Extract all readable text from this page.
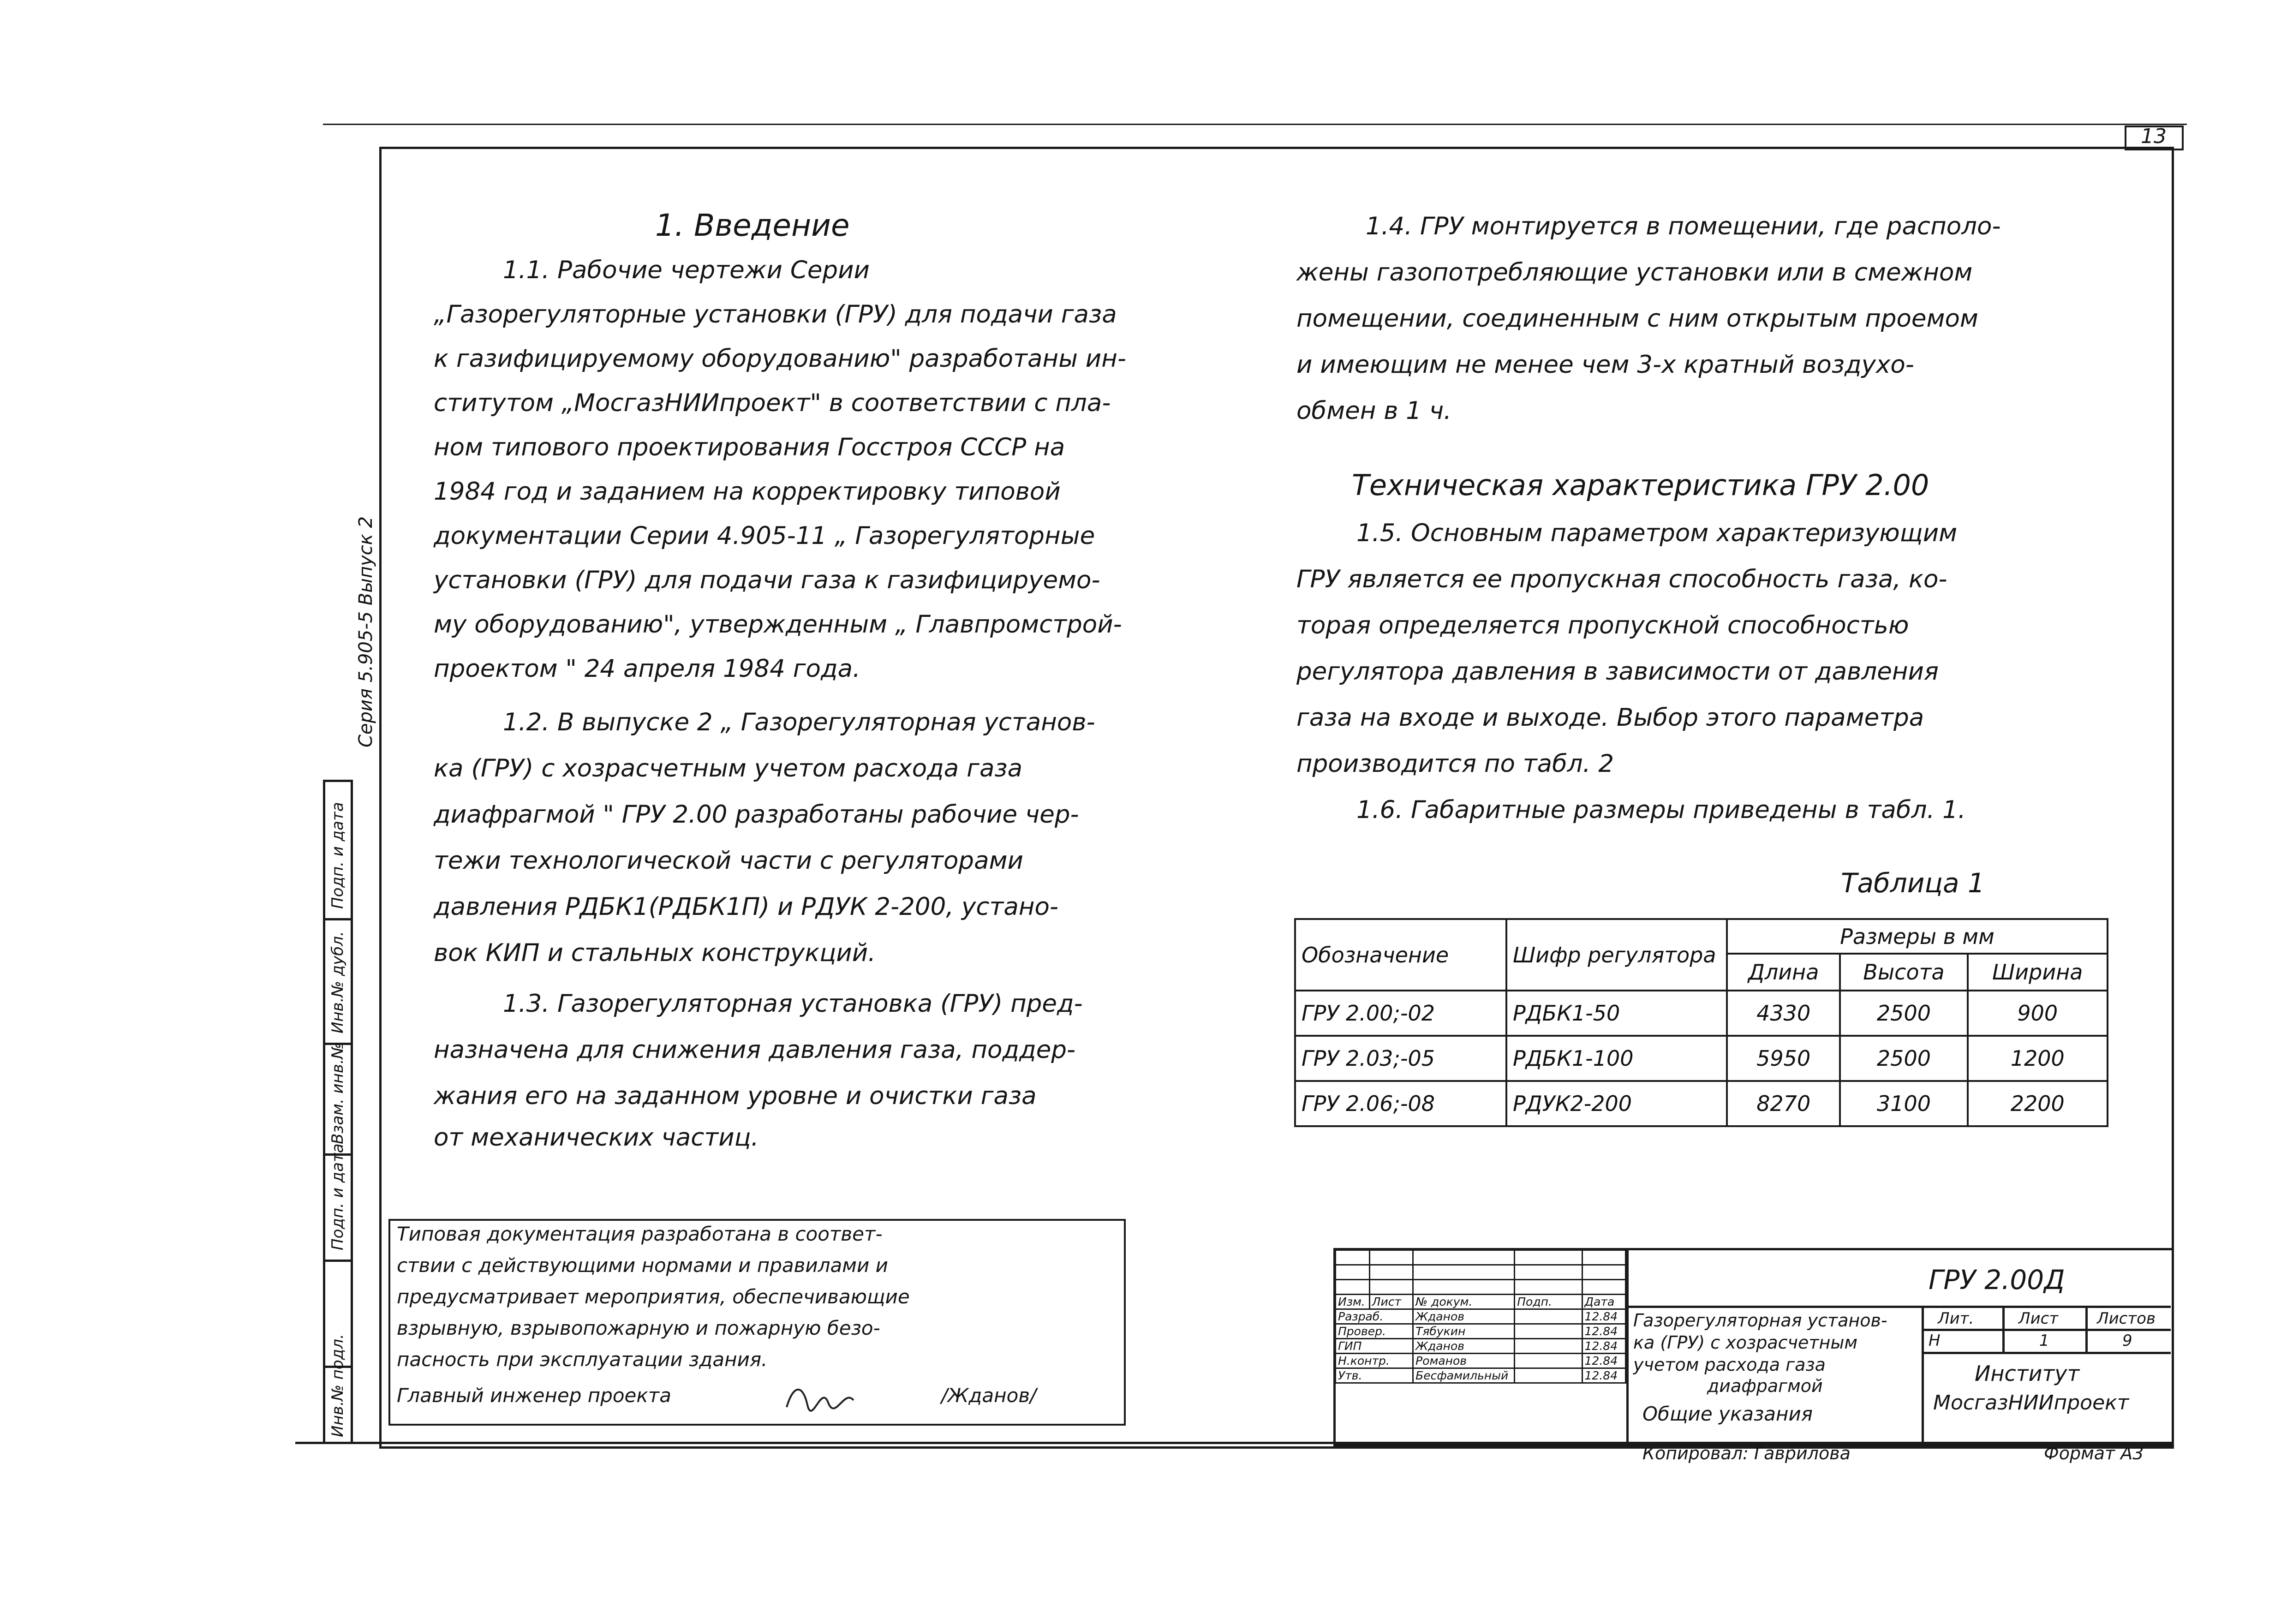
13
Серия 5.905-5 Выпуск 2
Подп. и дата
Инв.№ дубл.
Взам. инв.№
Подп. и дата
Инв.№ подл.
1. Введение
1.1. Рабочие чертежи Серии
„Газорегуляторные установки (ГРУ) для подачи газа
к газифицируемому оборудованию" разработаны ин-
ститутом „МосгазНИИпроект" в соответствии с пла-
ном типового проектирования Госстроя СССР на
1984 год и заданием на корректировку типовой
документации Серии 4.905-11 „ Газорегуляторные
установки (ГРУ) для подачи газа к газифицируемо-
му оборудованию", утвержденным „ Главпромстрой-
проектом " 24 апреля 1984 года.
1.2. В выпуске 2 „ Газорегуляторная установ-
ка (ГРУ) с хозрасчетным учетом расхода газа
диафрагмой " ГРУ 2.00 разработаны рабочие чер-
тежи технологической части с регуляторами
давления РДБК1(РДБК1П) и РДУК 2-200, устано-
вок КИП и стальных конструкций.
1.3. Газорегуляторная установка (ГРУ) пред-
назначена для снижения давления газа, поддер-
жания его на заданном уровне и очистки газа
от механических частиц.
1.4. ГРУ монтируется в помещении, где располо-
жены газопотребляющие установки или в смежном
помещении, соединенным с ним открытым проемом
и имеющим не менее чем 3-х кратный воздухо-
обмен в 1 ч.
Техническая характеристика ГРУ 2.00
1.5. Основным параметром характеризующим
ГРУ является ее пропускная способность газа, ко-
торая определяется пропускной способностью
регулятора давления в зависимости от давления
газа на входе и выходе. Выбор этого параметра
производится по табл. 2
1.6. Габаритные размеры приведены в табл. 1.
Таблица 1
Обозначение	Шифр регулятора	Размеры в мм		
		Длина	Высота	Ширина
ГРУ 2.00;-02	РДБК1-50	4330	2500	900
ГРУ 2.03;-05	РДБК1-100	5950	2500	1200
ГРУ 2.06;-08	РДУК2-200	8270	3100	2200
Типовая документация разработана в соответ-
ствии с действующими нормами и правилами и
предусматривает мероприятия, обеспечивающие
взрывную, взрывопожарную и пожарную безо-
пасность при эксплуатации здания.
Главный инженер проекта	/Жданов/
ГРУ 2.00Д
Лит.	Лист Листов
Н	1	9
Институт
МосгазНИИпроект
Газорегуляторная установ-
ка (ГРУ) с хозрасчетным
учетом расхода газа
диафрагмой
Общие указания

Изм.	Лист	№ докум.	Подп.	Дата
Разраб.		Жданов		12.84
Провер.		Тябукин		12.84
ГИП		Жданов		12.84
Н.контр.		Романов		12.84
Утв.		Бесфамильный		12.84
Копировал: Гаврилова	Формат А3
